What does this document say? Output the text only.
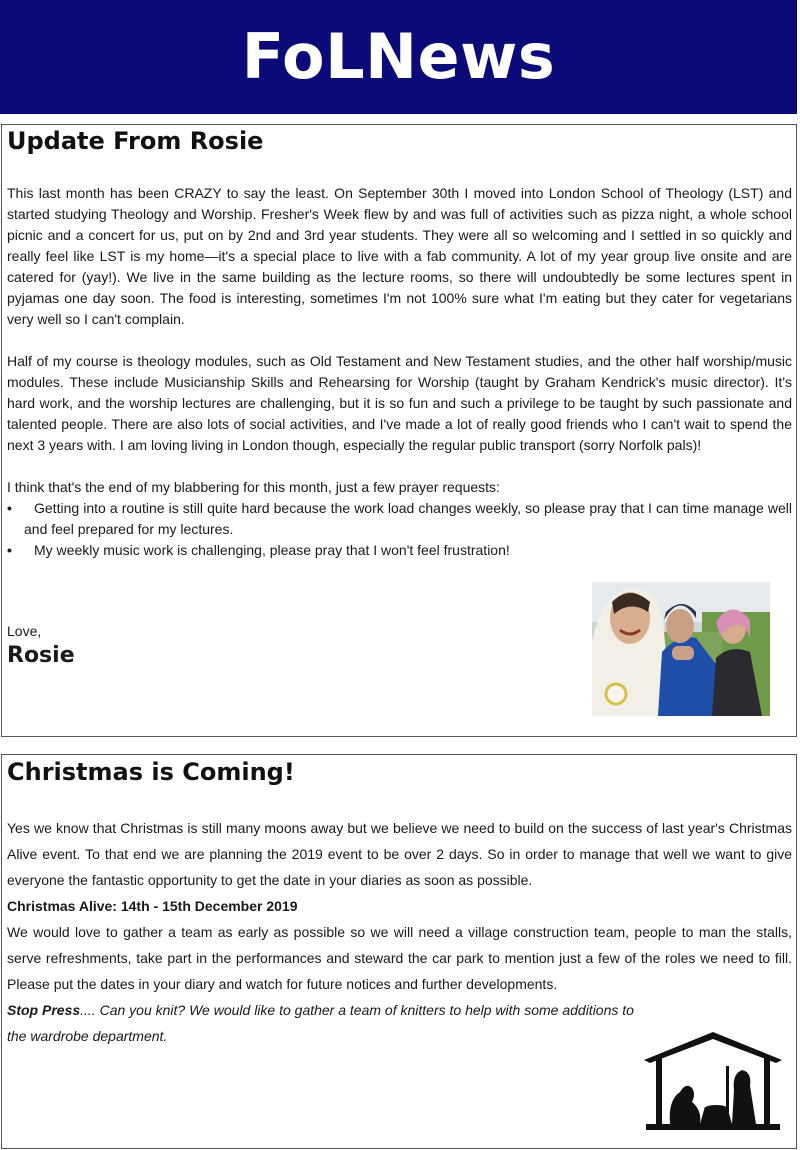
FoLNews
Update From Rosie

This last month has been CRAZY to say the least. On September 30th I moved into London School of Theology (LST) and started studying Theology and Worship. Fresher's Week flew by and was full of activities such as pizza night, a whole school picnic and a concert for us, put on by 2nd and 3rd year students. They were all so welcoming and I settled in so quickly and really feel like LST is my home—it's a special place to live with a fab community. A lot of my year group live onsite and are catered for (yay!). We live in the same building as the lecture rooms, so there will undoubtedly be some lectures spent in pyjamas one day soon. The food is interesting, sometimes I'm not 100% sure what I'm eating but they cater for vegetarians very well so I can't complain.

Half of my course is theology modules, such as Old Testament and New Testament studies, and the other half worship/music modules. These include Musicianship Skills and Rehearsing for Worship (taught by Graham Kendrick's music director). It's hard work, and the worship lectures are challenging, but it is so fun and such a privilege to be taught by such passionate and talented people. There are also lots of social activities, and I've made a lot of really good friends who I can't wait to spend the next 3 years with. I am loving living in London though, especially the regular public transport (sorry Norfolk pals)!

I think that's the end of my blabbering for this month, just a few prayer requests:

•	Getting into a routine is still quite hard because the work load changes weekly, so please pray that I can time manage well and feel prepared for my lectures.
•	My weekly music work is challenging, please pray that I won't feel frustration!
Love,
Rosie
Christmas is Coming!

Yes we know that Christmas is still many moons away but we believe we need to build on the success of last year's Christmas Alive event. To that end we are planning the 2019 event to be over 2 days. So in order to manage that well we want to give everyone the fantastic opportunity to get the date in your diaries as soon as possible.

Christmas Alive: 14th - 15th December 2019

We would love to gather a team as early as possible so we will need a village construction team, people to man the stalls, serve refreshments, take part in the performances and steward the car park to mention just a few of the roles we need to fill. Please put the dates in your diary and watch for future notices and further developments.

Stop Press.... Can you knit? We would like to gather a team of knitters to help with some additions to the wardrobe department.
